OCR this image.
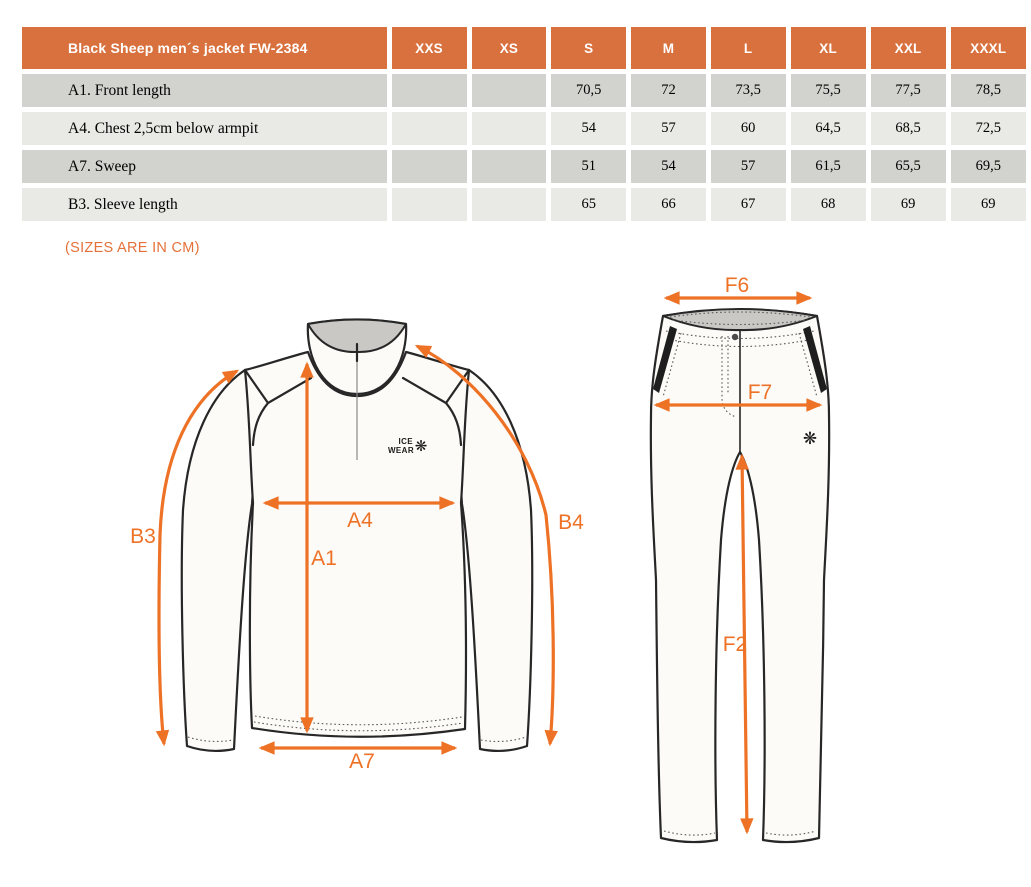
Black Sheep men´s jacket FW-2384	XXS	XS	S	M	L	XL	XXL	XXXL
A1. Front length			70,5	72	73,5	75,5	77,5	78,5
A4. Chest 2,5cm below armpit			54	57	60	64,5	68,5	72,5
A7. Sweep			51	54	57	61,5	65,5	69,5
B3. Sleeve length			65	66	67	68	69	69
(SIZES ARE IN CM)
ICE
WEAR ❋
B3
B4
A4
A1
A7
❋
F6
F7
F2
